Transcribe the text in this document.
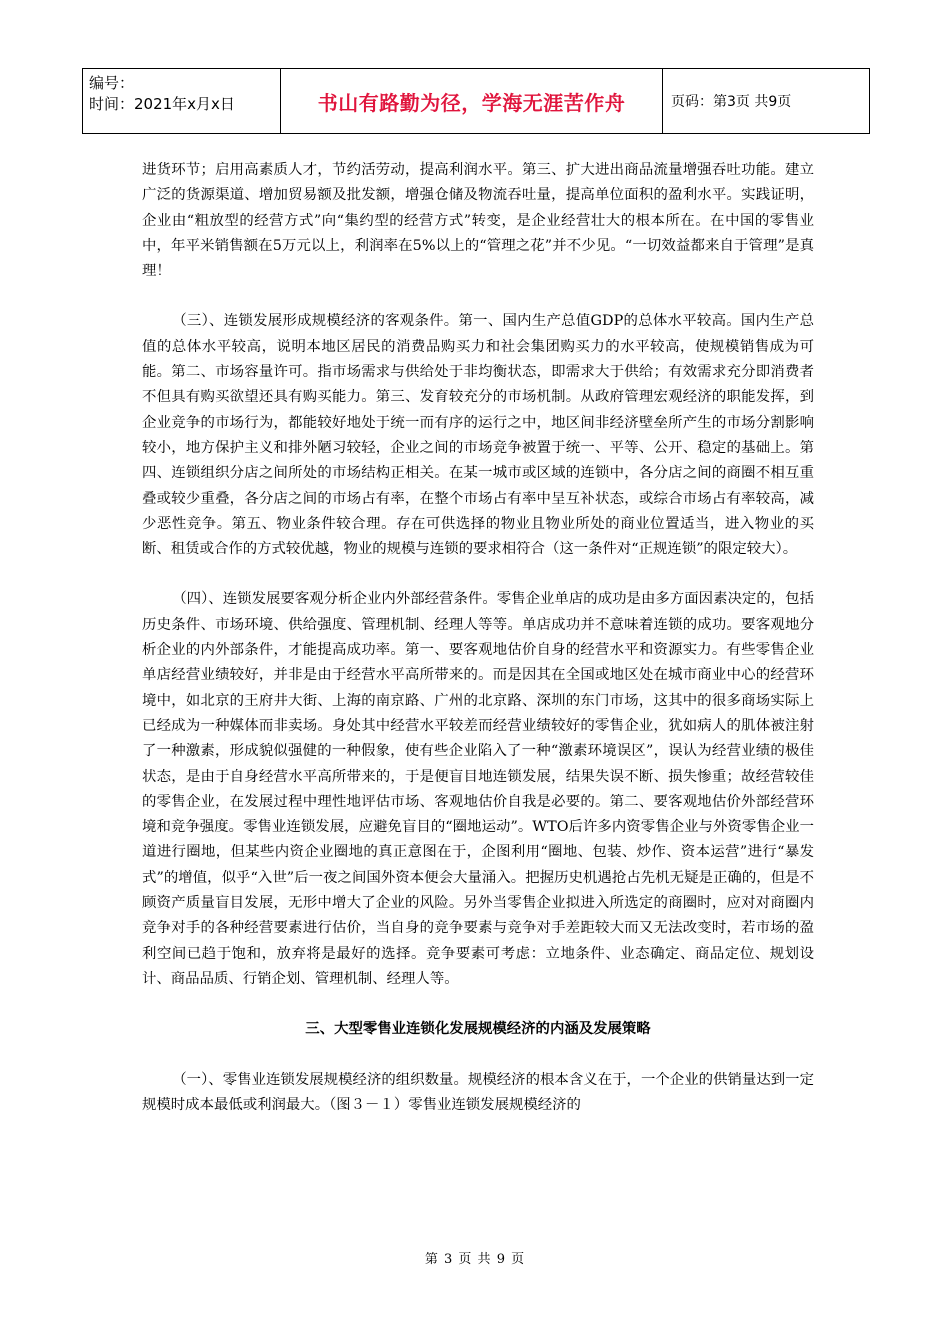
编号：
时间：2021年x月x日	书山有路勤为径，学海无涯苦作舟	页码：第3页 共9页

进货环节；启用高素质人才，节约活劳动，提高利润水平。第三、扩大进出商品流量增强吞吐功能。建立广泛的货源渠道、增加贸易额及批发额，增强仓储及物流吞吐量，提高单位面积的盈利水平。实践证明，企业由“粗放型的经营方式”向“集约型的经营方式”转变，是企业经营壮大的根本所在。在中国的零售业中，年平米销售额在5万元以上，利润率在5%以上的“管理之花”并不少见。“一切效益都来自于管理”是真理！

（三）、连锁发展形成规模经济的客观条件。第一、国内生产总值GDP的总体水平较高。国内生产总值的总体水平较高，说明本地区居民的消费品购买力和社会集团购买力的水平较高，使规模销售成为可能。第二、市场容量许可。指市场需求与供给处于非均衡状态，即需求大于供给；有效需求充分即消费者不但具有购买欲望还具有购买能力。第三、发育较充分的市场机制。从政府管理宏观经济的职能发挥，到企业竞争的市场行为，都能较好地处于统一而有序的运行之中，地区间非经济壁垒所产生的市场分割影响较小，地方保护主义和排外陋习较轻，企业之间的市场竞争被置于统一、平等、公开、稳定的基础上。第四、连锁组织分店之间所处的市场结构正相关。在某一城市或区域的连锁中，各分店之间的商圈不相互重叠或较少重叠，各分店之间的市场占有率，在整个市场占有率中呈互补状态，或综合市场占有率较高，减少恶性竞争。第五、物业条件较合理。存在可供选择的物业且物业所处的商业位置适当，进入物业的买断、租赁或合作的方式较优越，物业的规模与连锁的要求相符合（这一条件对“正规连锁”的限定较大）。

（四）、连锁发展要客观分析企业内外部经营条件。零售企业单店的成功是由多方面因素决定的，包括历史条件、市场环境、供给强度、管理机制、经理人等等。单店成功并不意味着连锁的成功。要客观地分析企业的内外部条件，才能提高成功率。第一、要客观地估价自身的经营水平和资源实力。有些零售企业单店经营业绩较好，并非是由于经营水平高所带来的。而是因其在全国或地区处在城市商业中心的经营环境中，如北京的王府井大街、上海的南京路、广州的北京路、深圳的东门市场，这其中的很多商场实际上已经成为一种媒体而非卖场。身处其中经营水平较差而经营业绩较好的零售企业，犹如病人的肌体被注射了一种激素，形成貌似强健的一种假象，使有些企业陷入了一种“激素环境误区”，误认为经营业绩的极佳状态，是由于自身经营水平高所带来的，于是便盲目地连锁发展，结果失误不断、损失惨重；故经营较佳的零售企业，在发展过程中理性地评估市场、客观地估价自我是必要的。第二、要客观地估价外部经营环境和竞争强度。零售业连锁发展，应避免盲目的“圈地运动”。WTO后许多内资零售企业与外资零售企业一道进行圈地，但某些内资企业圈地的真正意图在于，企图利用“圈地、包装、炒作、资本运营”进行“暴发式”的增值，似乎“入世”后一夜之间国外资本便会大量涌入。把握历史机遇抢占先机无疑是正确的，但是不顾资产质量盲目发展，无形中增大了企业的风险。另外当零售企业拟进入所选定的商圈时，应对对商圈内竞争对手的各种经营要素进行估价，当自身的竞争要素与竞争对手差距较大而又无法改变时，若市场的盈利空间已趋于饱和，放弃将是最好的选择。竞争要素可考虑：立地条件、业态确定、商品定位、规划设计、商品品质、行销企划、管理机制、经理人等。

三、大型零售业连锁化发展规模经济的内涵及发展策略

（一）、零售业连锁发展规模经济的组织数量。规模经济的根本含义在于，一个企业的供销量达到一定规模时成本最低或利润最大。（图３－１）零售业连锁发展规模经济的

第 3 页 共 9 页
